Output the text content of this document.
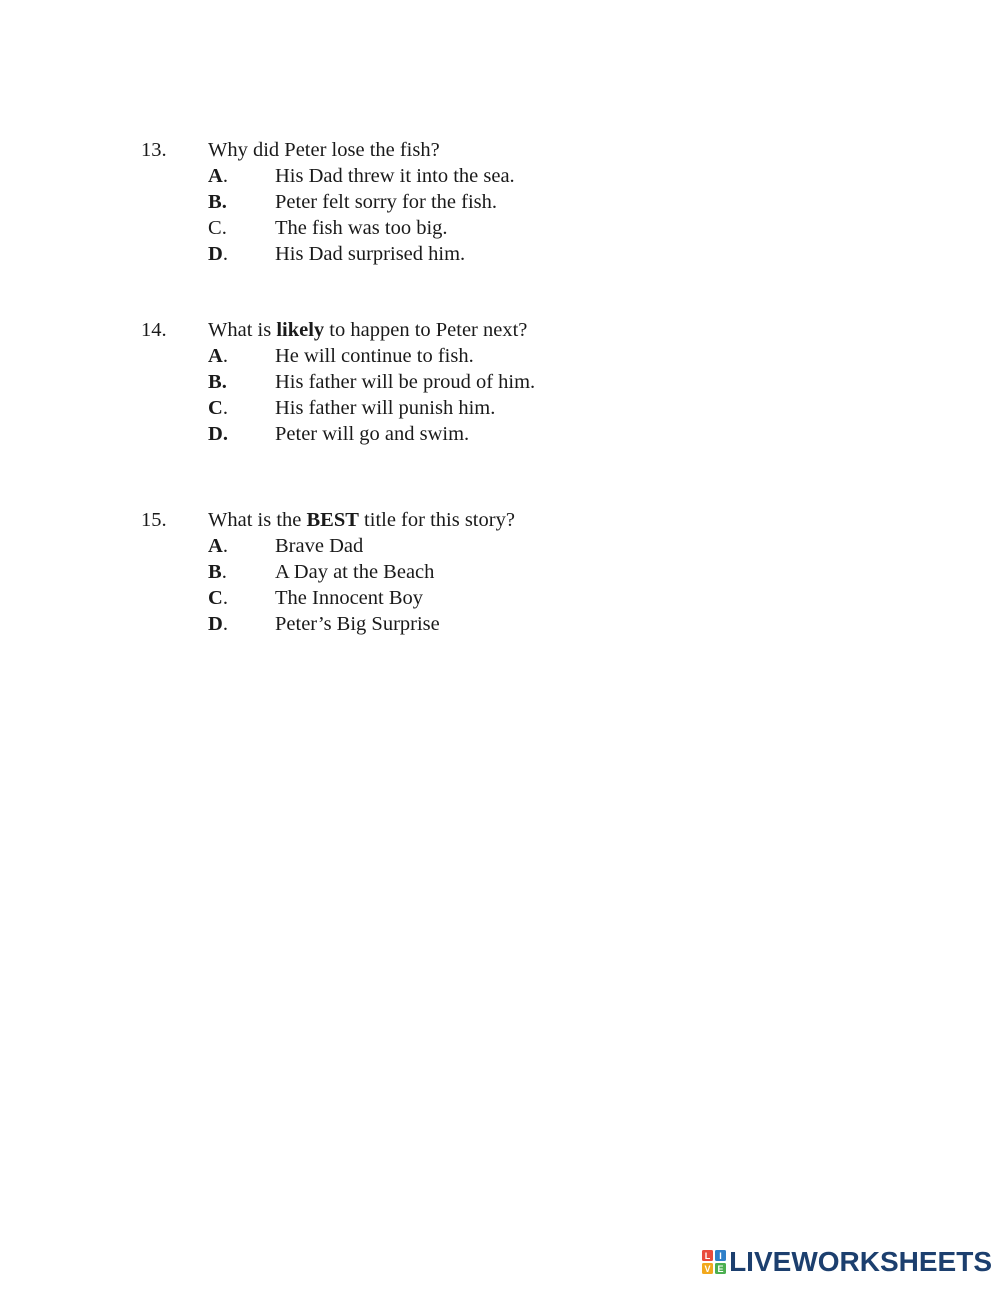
13. Why did Peter lose the fish?
A. His Dad threw it into the sea.
B. Peter felt sorry for the fish.
C. The fish was too big.
D. His Dad surprised him.
14. What is likely to happen to Peter next?
A. He will continue to fish.
B. His father will be proud of him.
C. His father will punish him.
D. Peter will go and swim.
15. What is the BEST title for this story?
A. Brave Dad
B. A Day at the Beach
C. The Innocent Boy
D. Peter’s Big Surprise
L I
V E LIVEWORKSHEETS
